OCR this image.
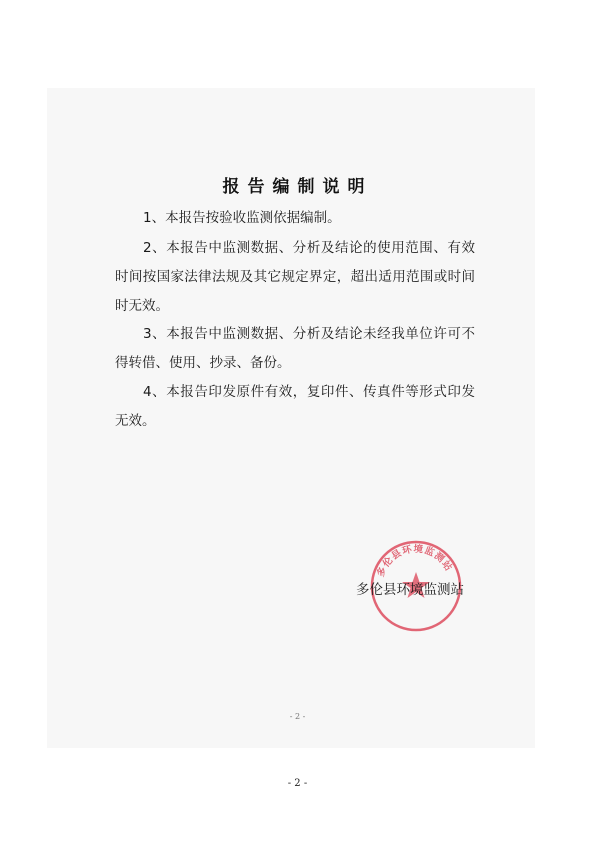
报告编制说明
1、本报告按验收监测依据编制。
2、本报告中监测数据、分析及结论的使用范围、有效时间按国家法律法规及其它规定界定，超出适用范围或时间时无效。
3、本报告中监测数据、分析及结论未经我单位许可不得转借、使用、抄录、备份。
4、本报告印发原件有效，复印件、传真件等形式印发无效。
多伦县环境监测站
多伦县环境监测站
- 2 -
- 2 -
